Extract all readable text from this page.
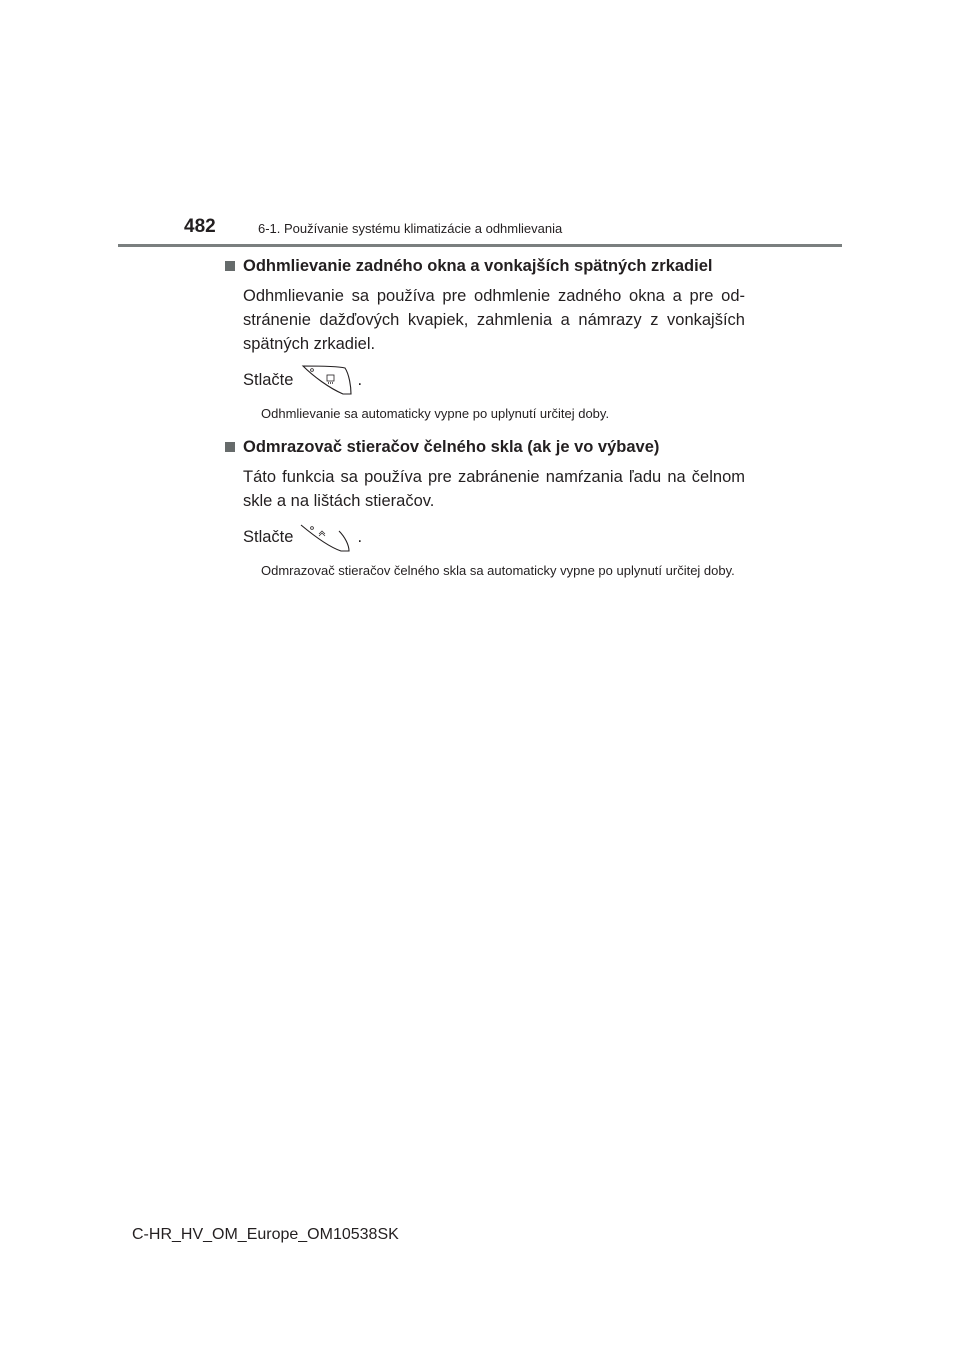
482	6-1. Používanie systému klimatizácie a odhmlievania
Odhmlievanie zadného okna a vonkajších spätných zrkadiel

Odhmlievanie sa používa pre odhmlenie zadného okna a pre od-stránenie dažďových kvapiek, zahmlenia a námrazy z vonkajších spätných zrkadiel.

Stlačte	.

Odhmlievanie sa automaticky vypne po uplynutí určitej doby.

Odmrazovač stieračov čelného skla (ak je vo výbave)

Táto funkcia sa používa pre zabránenie namŕzania ľadu na čelnom skle a na lištách stieračov.

Stlačte	.

Odmrazovač stieračov čelného skla sa automaticky vypne po uplynutí určitej doby.

C-HR_HV_OM_Europe_OM10538SK
